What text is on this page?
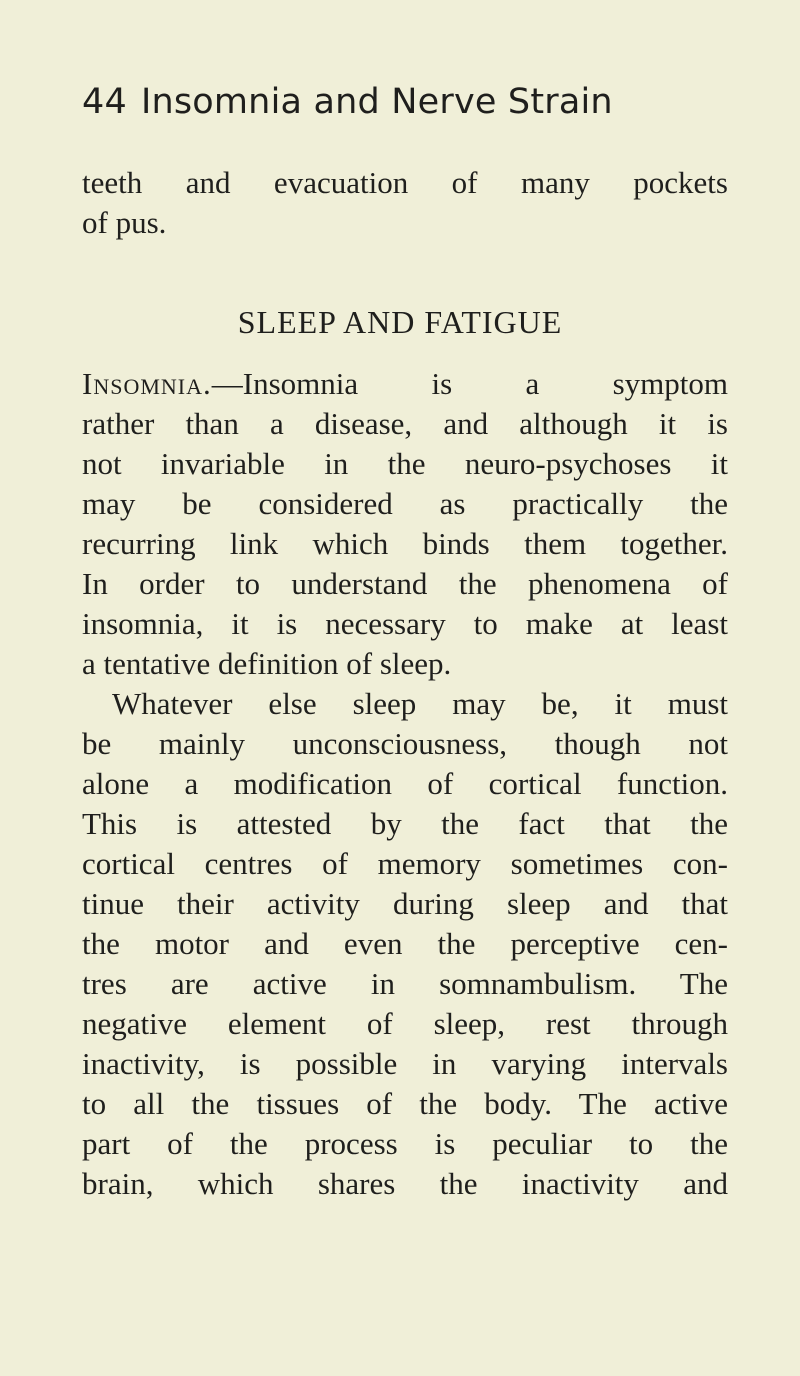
44 Insomnia and Nerve Strain
teeth and evacuation of many pockets
of pus.
SLEEP AND FATIGUE
Insomnia.—Insomnia is a symptom
rather than a disease, and although it is
not invariable in the neuro-psychoses it
may be considered as practically the
recurring link which binds them together.
In order to understand the phenomena of
insomnia, it is necessary to make at least
a tentative definition of sleep.
Whatever else sleep may be, it must
be mainly unconsciousness, though not
alone a modification of cortical function.
This is attested by the fact that the
cortical centres of memory sometimes con-
tinue their activity during sleep and that
the motor and even the perceptive cen-
tres are active in somnambulism. The
negative element of sleep, rest through
inactivity, is possible in varying intervals
to all the tissues of the body. The active
part of the process is peculiar to the
brain, which shares the inactivity and
